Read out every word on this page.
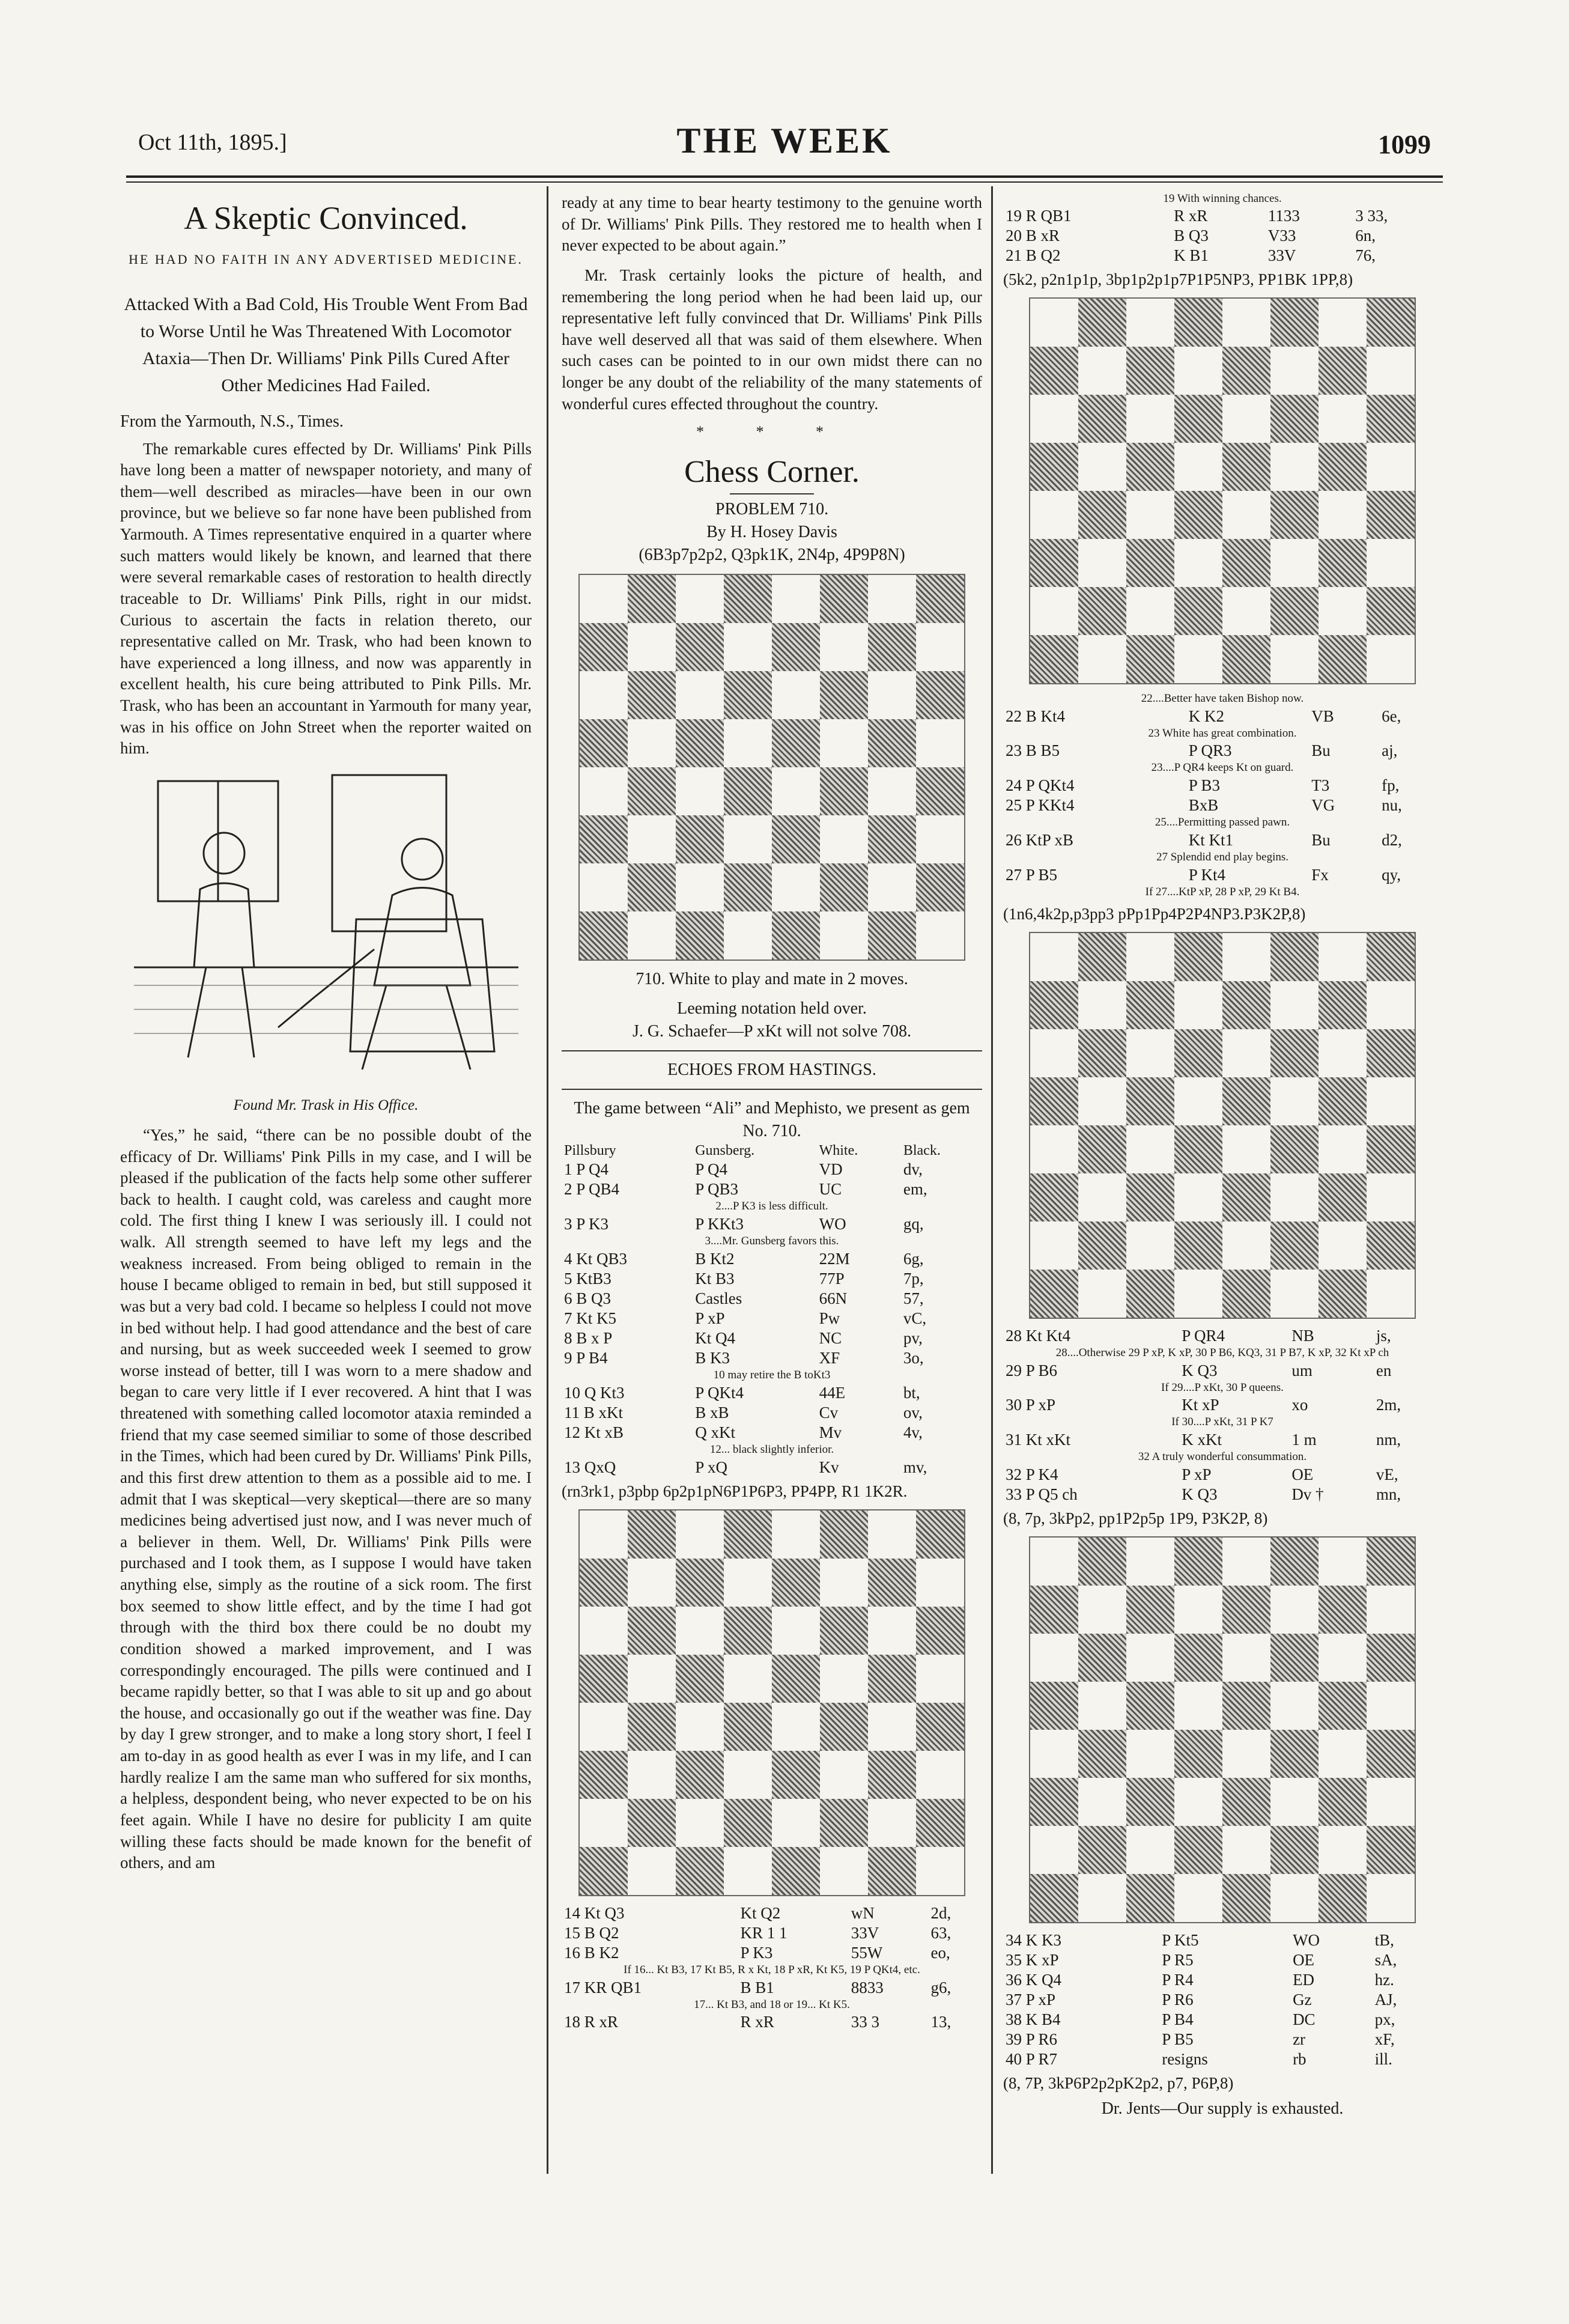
Oct 11th, 1895.]	THE WEEK	1099
A Skeptic Convinced.
HE HAD NO FAITH IN ANY ADVERTISED MEDICINE.
Attacked With a Bad Cold, His Trouble Went From Bad to Worse Until he Was Threatened With Locomotor Ataxia—Then Dr. Williams' Pink Pills Cured After Other Medicines Had Failed.
From the Yarmouth, N.S., Times.

The remarkable cures effected by Dr. Williams' Pink Pills have long been a matter of newspaper notoriety, and many of them—well described as miracles—have been in our own province, but we believe so far none have been published from Yarmouth. A Times representative enquired in a quarter where such matters would likely be known, and learned that there were several remarkable cases of restoration to health directly traceable to Dr. Williams' Pink Pills, right in our midst. Curious to ascertain the facts in relation thereto, our representative called on Mr. Trask, who had been known to have experienced a long illness, and now was apparently in excellent health, his cure being attributed to Pink Pills. Mr. Trask, who has been an accountant in Yarmouth for many year, was in his office on John Street when the reporter waited on him.

Found Mr. Trask in His Office.

“Yes,” he said, “there can be no possible doubt of the efficacy of Dr. Williams' Pink Pills in my case, and I will be pleased if the publication of the facts help some other sufferer back to health. I caught cold, was careless and caught more cold. The first thing I knew I was seriously ill. I could not walk. All strength seemed to have left my legs and the weakness increased. From being obliged to remain in the house I became obliged to remain in bed, but still supposed it was but a very bad cold. I became so helpless I could not move in bed without help. I had good attendance and the best of care and nursing, but as week succeeded week I seemed to grow worse instead of better, till I was worn to a mere shadow and began to care very little if I ever recovered. A hint that I was threatened with something called locomotor ataxia reminded a friend that my case seemed similiar to some of those described in the Times, which had been cured by Dr. Williams' Pink Pills, and this first drew attention to them as a possible aid to me. I admit that I was skeptical—very skeptical—there are so many medicines being advertised just now, and I was never much of a believer in them. Well, Dr. Williams' Pink Pills were purchased and I took them, as I suppose I would have taken anything else, simply as the routine of a sick room. The first box seemed to show little effect, and by the time I had got through with the third box there could be no doubt my condition showed a marked improvement, and I was correspondingly encouraged. The pills were continued and I became rapidly better, so that I was able to sit up and go about the house, and occasionally go out if the weather was fine. Day by day I grew stronger, and to make a long story short, I feel I am to-day in as good health as ever I was in my life, and I can hardly realize I am the same man who suffered for six months, a helpless, despondent being, who never expected to be on his feet again. While I have no desire for publicity I am quite willing these facts should be made known for the benefit of others, and am

ready at any time to bear hearty testimony to the genuine worth of Dr. Williams' Pink Pills. They restored me to health when I never expected to be about again.”

Mr. Trask certainly looks the picture of health, and remembering the long period when he had been laid up, our representative left fully convinced that Dr. Williams' Pink Pills have well deserved all that was said of them elsewhere. When such cases can be pointed to in our own midst there can no longer be any doubt of the reliability of the many statements of wonderful cures effected throughout the country.

* * *
Chess Corner.
PROBLEM 710.
By H. Hosey Davis
(6B3p7p2p2, Q3pk1K, 2N4p, 4P9P8N)
710. White to play and mate in 2 moves.
Leeming notation held over.
J. G. Schaefer—P xKt will not solve 708.
ECHOES FROM HASTINGS.
The game between “Ali” and Mephisto, we present as gem No. 710.
Pillsbury	Gunsberg.	White.	Black.
1 P Q4	P Q4	VD	dv,
2 P QB4	P QB3	UC	em,
2....P K3 is less difficult.			
3 P K3	P KKt3	WO	gq,
3....Mr. Gunsberg favors this.			
4 Kt QB3	B Kt2	22M	6g,
5 KtB3	Kt B3	77P	7p,
6 B Q3	Castles	66N	57,
7 Kt K5	P xP	Pw	vC,
8 B x P	Kt Q4	NC	pv,
9 P B4	B K3	XF	3o,
10 may retire the B toKt3			
10 Q Kt3	P QKt4	44E	bt,
11 B xKt	B xB	Cv	ov,
12 Kt xB	Q xKt	Mv	4v,
12... black slightly inferior.			
13 QxQ	P xQ	Kv	mv,
(rn3rk1, p3pbp 6p2p1pN6P1P6P3, PP4PP, R1 1K2R.
14 Kt Q3	Kt Q2	wN	2d,
15 B Q2	KR 1 1	33V	63,
16 B K2	P K3	55W	eo,
If 16... Kt B3, 17 Kt B5, R x Kt, 18 P xR, Kt K5, 19 P QKt4, etc.			
17 KR QB1	B B1	8833	g6,
17... Kt B3, and 18 or 19... Kt K5.			
18 R xR	R xR	33 3	13,
19 With winning chances.
19 R QB1	R xR	1133	3 33,
20 B xR	B Q3	V33	6n,
21 B Q2	K B1	33V	76,
(5k2, p2n1p1p, 3bp1p2p1p7P1P5NP3, PP1BK 1PP,8)
22....Better have taken Bishop now.			
22 B Kt4	K K2	VB	6e,
23 White has great combination.			
23 B B5	P QR3	Bu	aj,
23....P QR4 keeps Kt on guard.			
24 P QKt4	P B3	T3	fp,
25 P KKt4	BxB	VG	nu,
25....Permitting passed pawn.			
26 KtP xB	Kt Kt1	Bu	d2,
27 Splendid end play begins.			
27 P B5	P Kt4	Fx	qy,
If 27....KtP xP, 28 P xP, 29 Kt B4.			
(1n6,4k2p,p3pp3 pPp1Pp4P2P4NP3.P3K2P,8)
28 Kt Kt4	P QR4	NB	js,
28....Otherwise 29 P xP, K xP, 30 P B6, KQ3, 31 P B7, K xP, 32 Kt xP ch			
29 P B6	K Q3	um	en
If 29....P xKt, 30 P queens.			
30 P xP	Kt xP	xo	2m,
If 30....P xKt, 31 P K7			
31 Kt xKt	K xKt	1 m	nm,
32 A truly wonderful consummation.			
32 P K4	P xP	OE	vE,
33 P Q5 ch	K Q3	Dv †	mn,
(8, 7p, 3kPp2, pp1P2p5p 1P9, P3K2P, 8)
34 K K3	P Kt5	WO	tB,
35 K xP	P R5	OE	sA,
36 K Q4	P R4	ED	hz.
37 P xP	P R6	Gz	AJ,
38 K B4	P B4	DC	px,
39 P R6	P B5	zr	xF,
40 P R7	resigns	rb	ill.
(8, 7P, 3kP6P2p2pK2p2, p7, P6P,8)
Dr. Jents—Our supply is exhausted.
